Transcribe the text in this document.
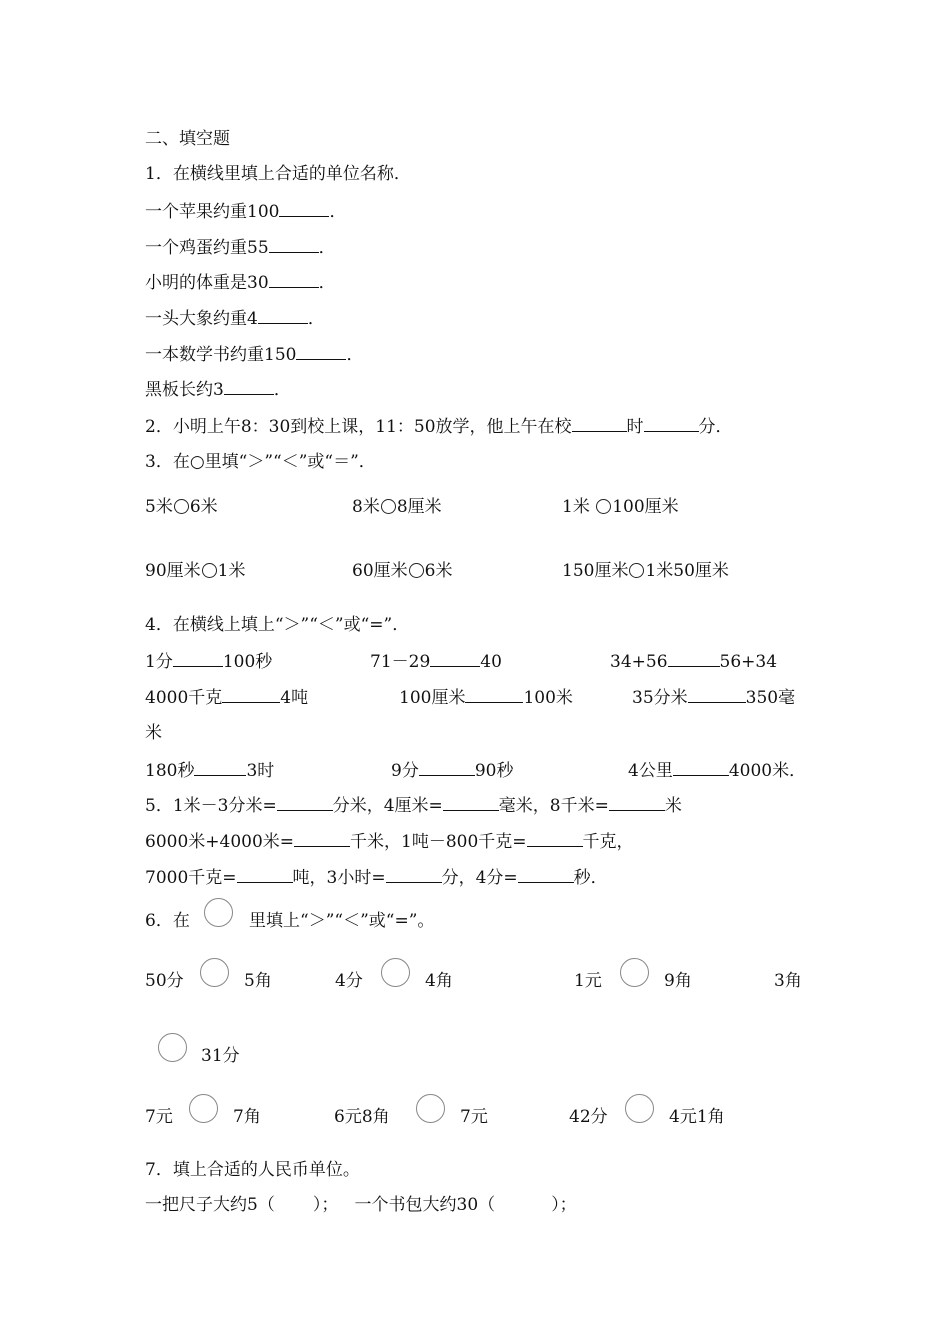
二、填空题
1．在横线里填上合适的单位名称．
一个苹果约重100	．
一个鸡蛋约重55	．
小明的体重是30	．
一头大象约重4	．
一本数学书约重150	．
黑板长约3	．
2．小明上午8：30到校上课，11：50放学，他上午在校	时	分．
3．在○里填“＞”“＜”或“＝”．
5米 6米	8米 8厘米	1米 100厘米
90厘米 1米	60厘米 6米	150厘米 1米50厘米
4．在横线上填上“＞”“＜”或“=”．
1分	100秒	71－29	40	34+56	56+34
4000千克	4吨	100厘米	100米	35分米	350毫
米
180秒	3时	9分	90秒	4公里	4000米．
5．1米－3分米=	分米，4厘米=	毫米，8千米=	米
6000米+4000米=	千米，1吨－800千克=	千克，
7000千克=	吨，3小时=	分，4分=	秒．
6．在	里填上“＞”“＜”或“=”。
50分	5角	4分	4角	1元	9角	3角
31分
7元	7角	6元8角	7元	42分	4元1角
7．填上合适的人民币单位。
一把尺子大约5（ ）； 一个书包大约30（	）；
